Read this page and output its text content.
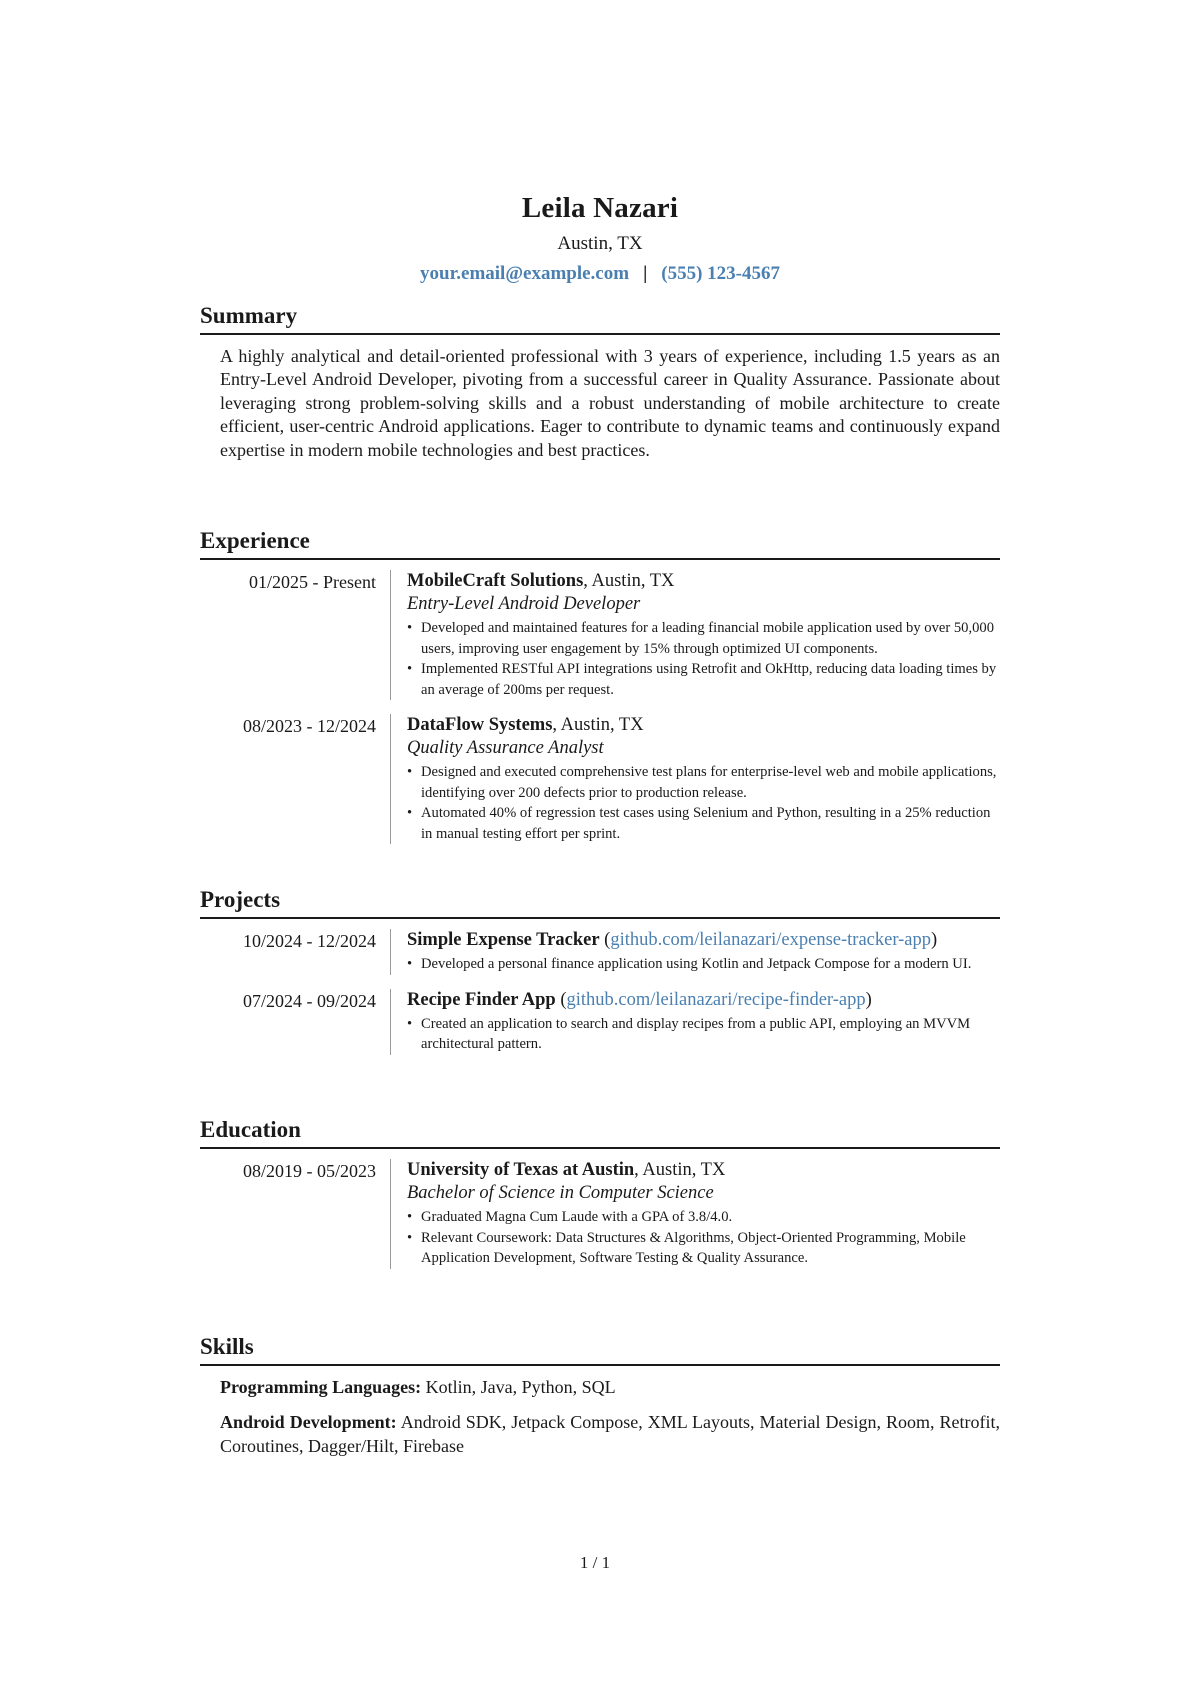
Leila Nazari
Austin, TX
your.email@example.com | (555) 123-4567
Summary
A highly analytical and detail-oriented professional with 3 years of experience, including 1.5 years as an Entry-Level Android Developer, pivoting from a successful career in Quality Assurance. Passionate about leveraging strong problem-solving skills and a robust understanding of mobile architecture to create efficient, user-centric Android applications. Eager to contribute to dynamic teams and continuously expand expertise in modern mobile technologies and best practices.
Experience
01/2025 - Present MobileCraft Solutions, Austin, TX
Entry-Level Android Developer
• Developed and maintained features for a leading financial mobile application used by over 50,000 users, improving user engagement by 15% through optimized UI components.
• Implemented RESTful API integrations using Retrofit and OkHttp, reducing data loading times by an average of 200ms per request.
08/2023 - 12/2024 DataFlow Systems, Austin, TX
Quality Assurance Analyst
• Designed and executed comprehensive test plans for enterprise-level web and mobile applications, identifying over 200 defects prior to production release.
• Automated 40% of regression test cases using Selenium and Python, resulting in a 25% reduction in manual testing effort per sprint.
Projects
10/2024 - 12/2024 Simple Expense Tracker (github.com/leilanazari/expense-tracker-app)
• Developed a personal finance application using Kotlin and Jetpack Compose for a modern UI.
07/2024 - 09/2024 Recipe Finder App (github.com/leilanazari/recipe-finder-app)
• Created an application to search and display recipes from a public API, employing an MVVM architectural pattern.
Education
08/2019 - 05/2023 University of Texas at Austin, Austin, TX
Bachelor of Science in Computer Science
• Graduated Magna Cum Laude with a GPA of 3.8/4.0.
• Relevant Coursework: Data Structures & Algorithms, Object-Oriented Programming, Mobile Application Development, Software Testing & Quality Assurance.
Skills
Programming Languages: Kotlin, Java, Python, SQL
Android Development: Android SDK, Jetpack Compose, XML Layouts, Material Design, Room, Retrofit, Coroutines, Dagger/Hilt, Firebase
1 / 1
